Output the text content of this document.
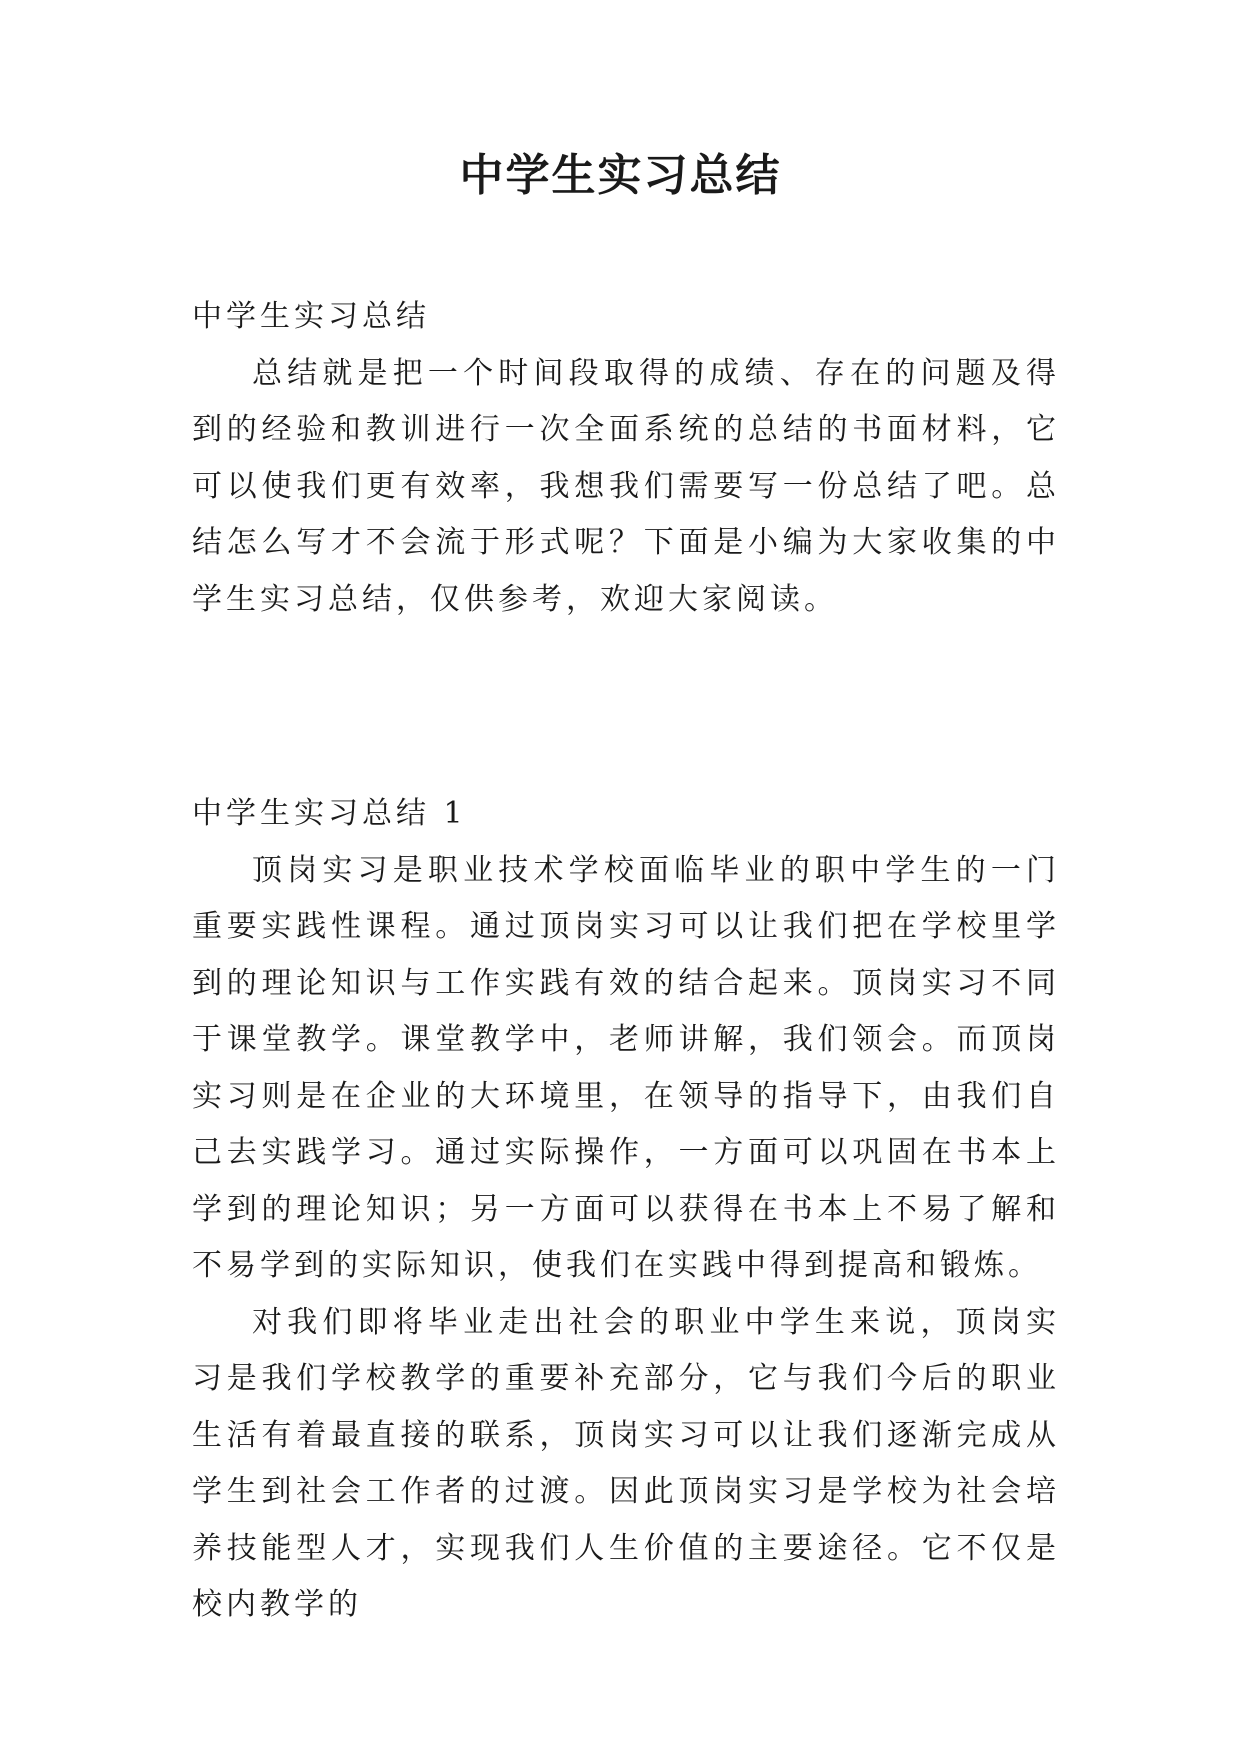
中学生实习总结

中学生实习总结

总结就是把一个时间段取得的成绩、存在的问题及得到的经验和教训进行一次全面系统的总结的书面材料，它可以使我们更有效率，我想我们需要写一份总结了吧。总结怎么写才不会流于形式呢？下面是小编为大家收集的中学生实习总结，仅供参考，欢迎大家阅读。

中学生实习总结 1

顶岗实习是职业技术学校面临毕业的职中学生的一门重要实践性课程。通过顶岗实习可以让我们把在学校里学到的理论知识与工作实践有效的结合起来。顶岗实习不同于课堂教学。课堂教学中，老师讲解，我们领会。而顶岗实习则是在企业的大环境里，在领导的指导下，由我们自己去实践学习。通过实际操作，一方面可以巩固在书本上学到的理论知识；另一方面可以获得在书本上不易了解和不易学到的实际知识，使我们在实践中得到提高和锻炼。

对我们即将毕业走出社会的职业中学生来说，顶岗实习是我们学校教学的重要补充部分，它与我们今后的职业生活有着最直接的联系，顶岗实习可以让我们逐渐完成从学生到社会工作者的过渡。因此顶岗实习是学校为社会培养技能型人才，实现我们人生价值的主要途径。它不仅是校内教学的
